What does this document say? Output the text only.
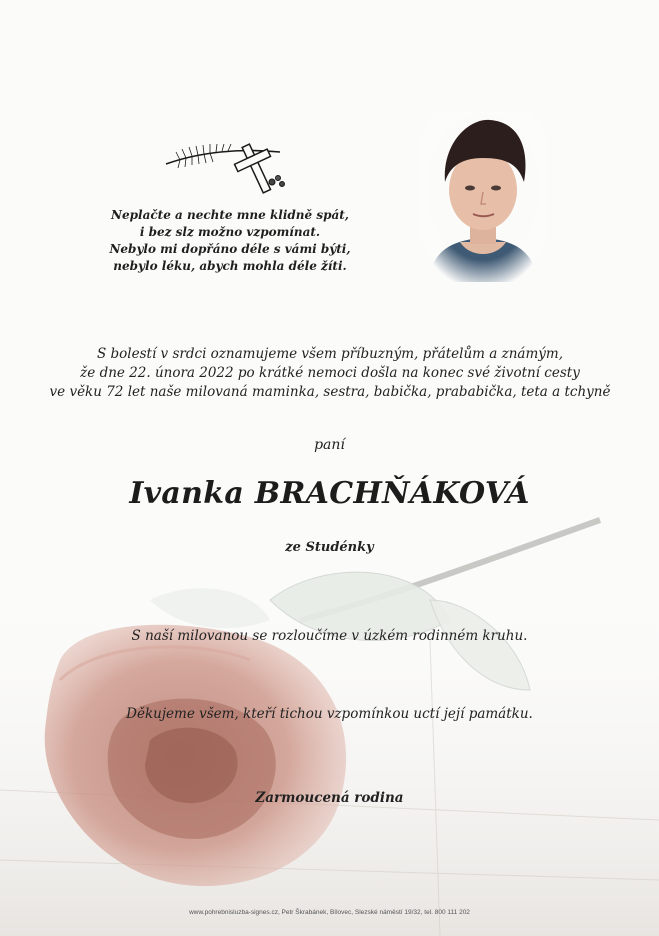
Neplačte a nechte mne klidně spát,
i bez slz možno vzpomínat.
Nebylo mi dopřáno déle s vámi býti,
nebylo léku, abych mohla déle žíti.
S bolestí v srdci oznamujeme všem příbuzným, přátelům a známým,
že dne 22. února 2022 po krátké nemoci došla na konec své životní cesty
ve věku 72 let naše milovaná maminka, sestra, babička, prababička, teta a tchyně
paní
Ivanka BRACHŇÁKOVÁ
ze Studénky
S naší milovanou se rozloučíme v úzkém rodinném kruhu.
Děkujeme všem, kteří tichou vzpomínkou uctí její památku.
Zarmoucená rodina
www.pohrebnisluzba-signes.cz, Petr Škrabánek, Bílovec, Slezské náměstí 19/32, tel. 800 111 202
